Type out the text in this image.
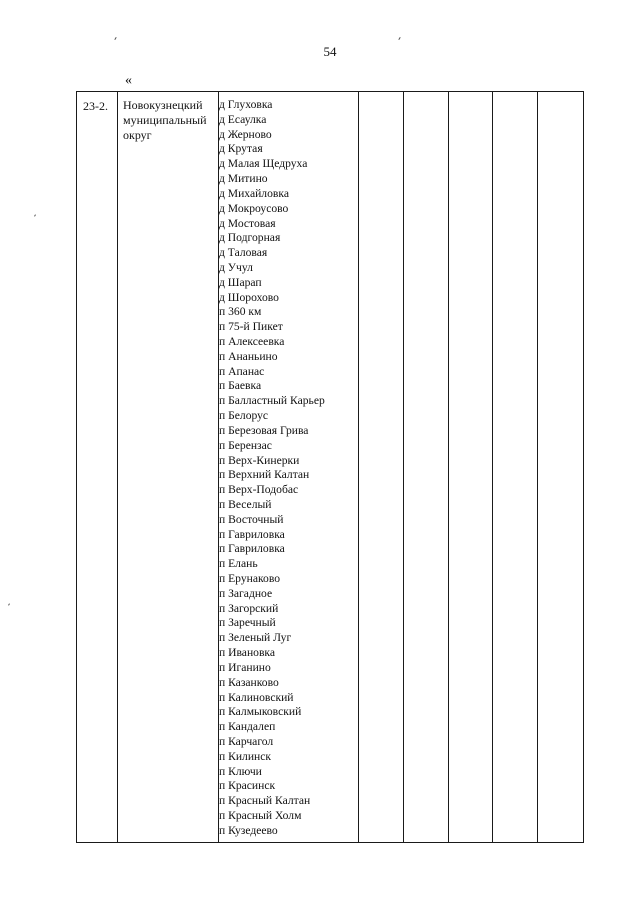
54
«
23-2.	Новокузнецкий муниципальный округ

д Глуховка
д Есаулка
д Жерново
д Крутая
д Малая Щедруха
д Митино
д Михайловка
д Мокроусово
д Мостовая
д Подгорная
д Таловая
д Учул
д Шарап
д Шорохово
п 360 км
п 75-й Пикет
п Алексеевка
п Ананьино
п Апанас
п Баевка
п Балластный Карьер
п Белорус
п Березовая Грива
п Берензас
п Верх-Кинерки
п Верхний Калтан
п Верх-Подобас
п Веселый
п Восточный
п Гавриловка
п Гавриловка
п Елань
п Ерунаково
п Загадное
п Загорский
п Заречный
п Зеленый Луг
п Ивановка
п Иганино
п Казанково
п Калиновский
п Калмыковский
п Кандалеп
п Карчагол
п Килинск
п Ключи
п Красинск
п Красный Калтан
п Красный Холм
п Кузедеево
